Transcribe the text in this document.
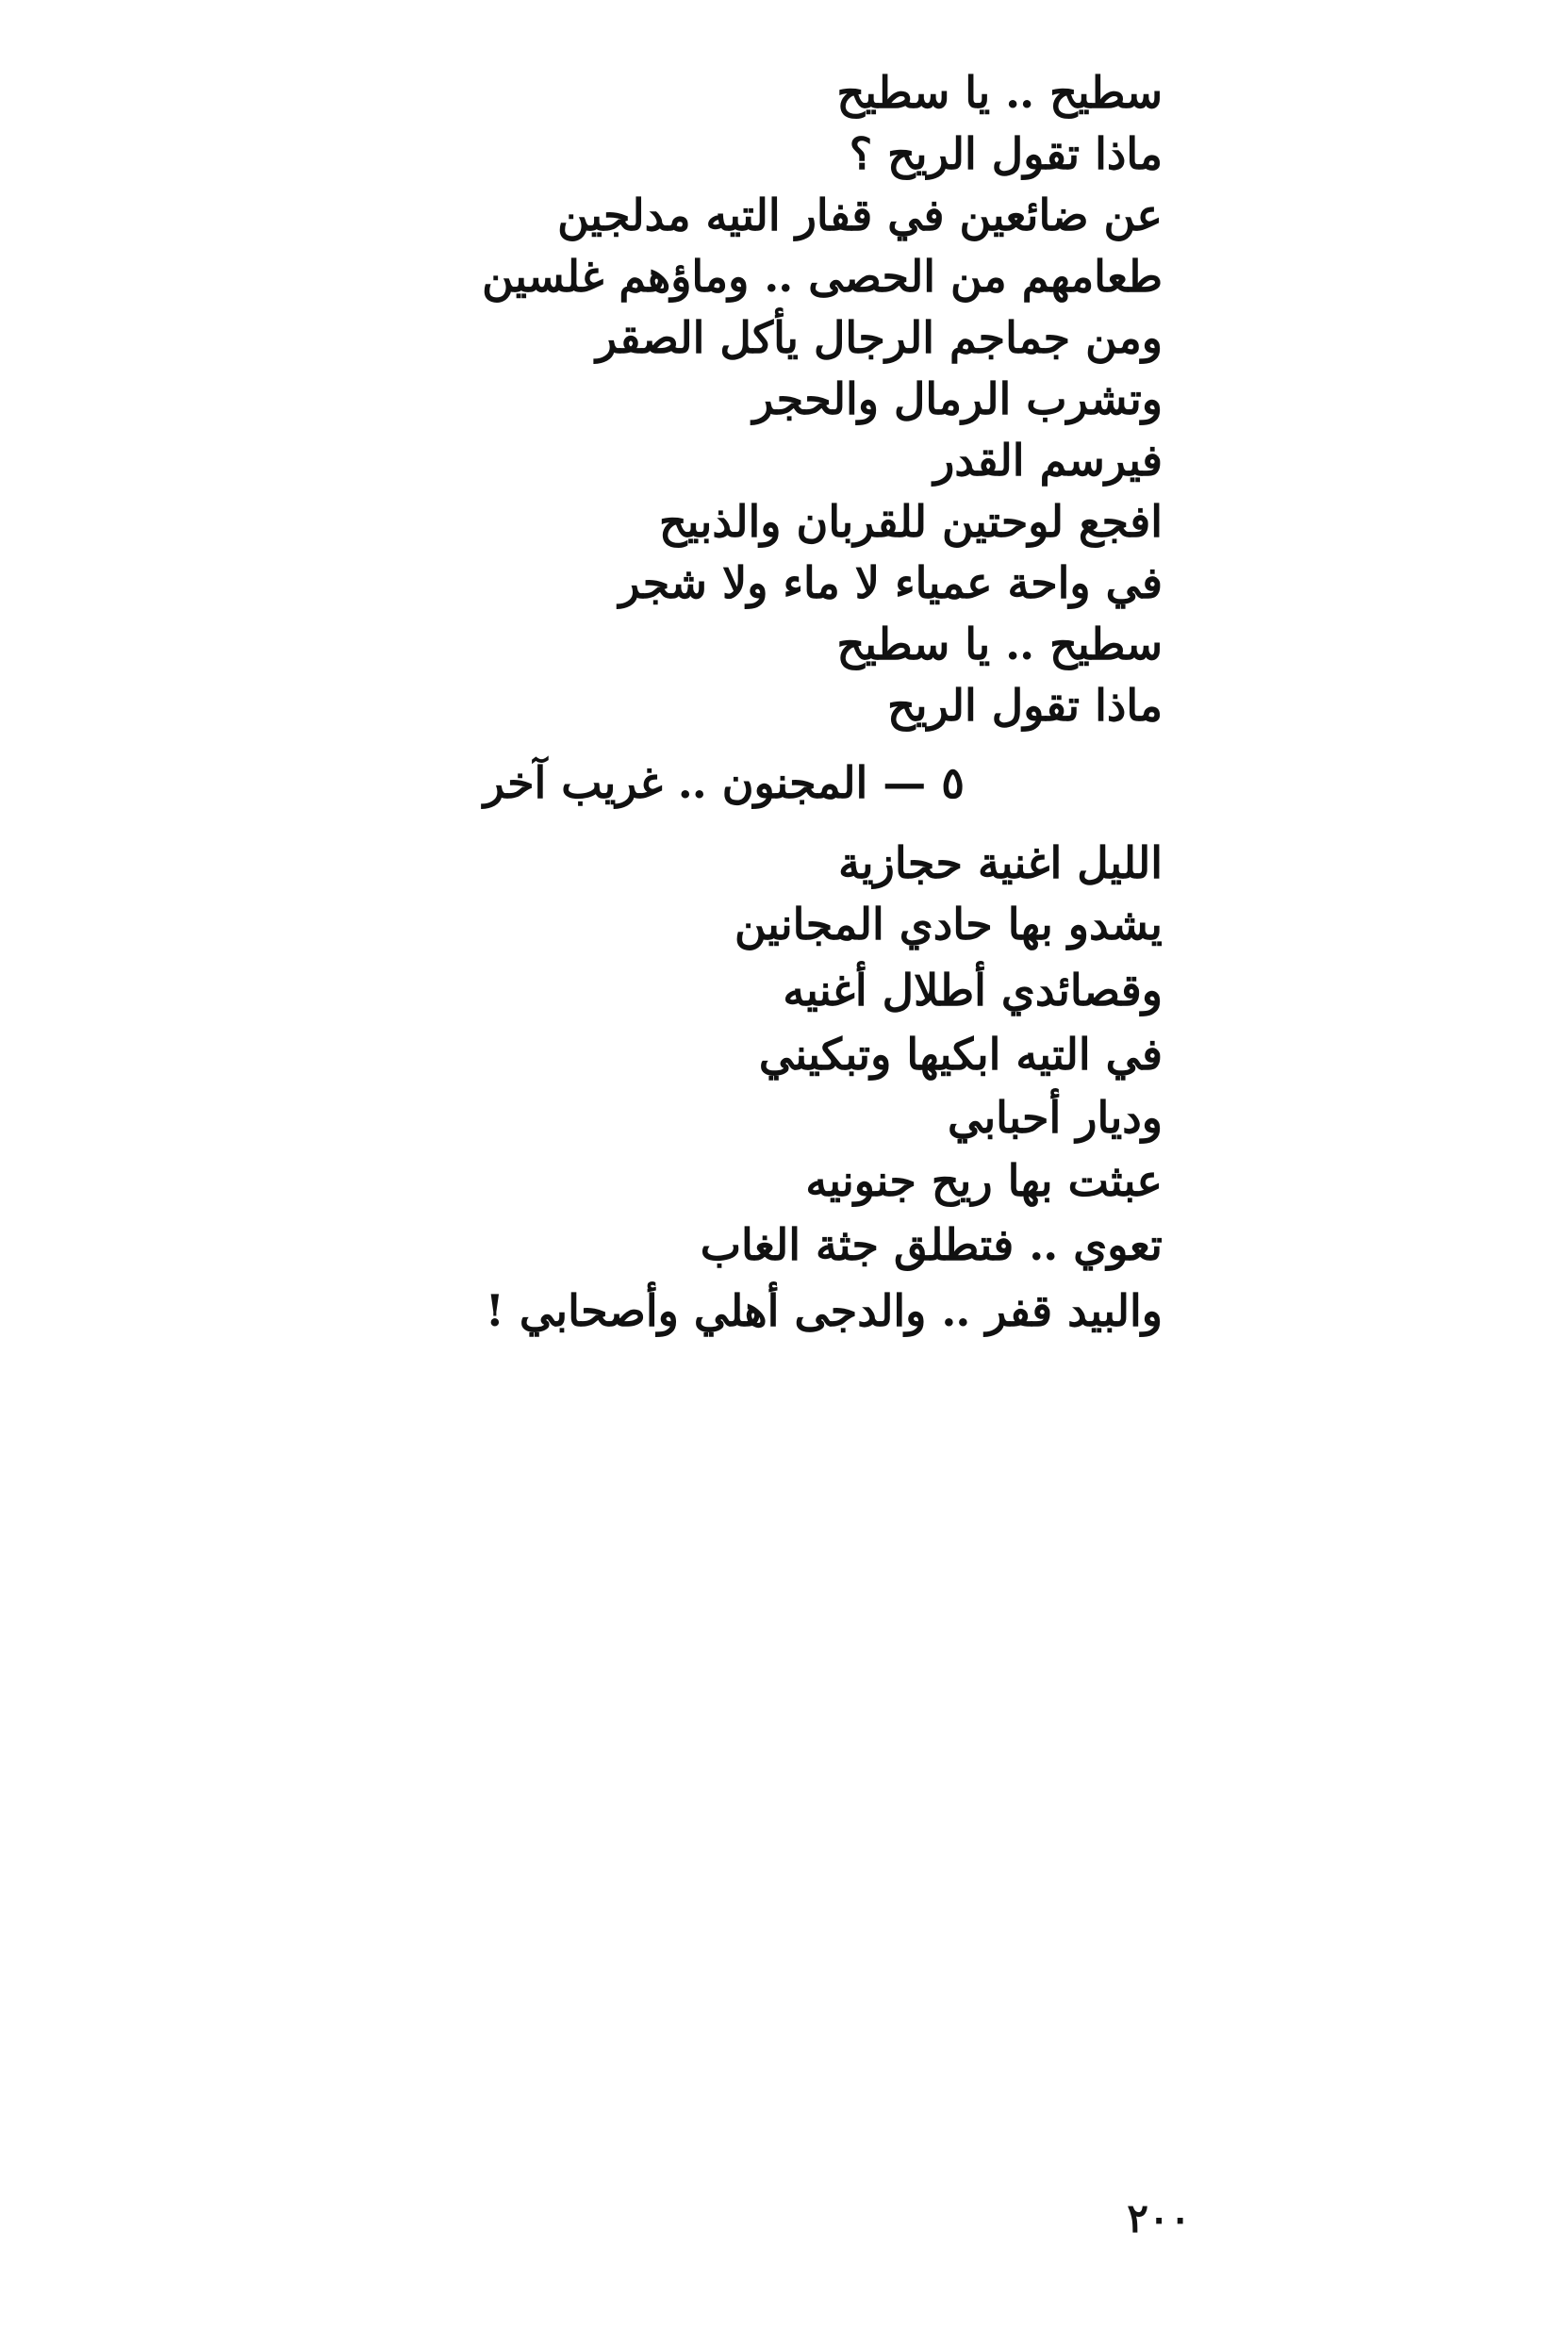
سطيح ‥ يا سطيح
ماذا تقول الريح ؟
عن ضائعين في قفار التيه مدلجين
طعامهم من الحصى ‥ وماؤهم غلسين
ومن جماجم الرجال يأكل الصقر
وتشرب الرمال والحجر
فيرسم القدر
افجع لوحتين للقربان والذبيح
في واحة عمياء لا ماء ولا شجر
سطيح ‥ يا سطيح
ماذا تقول الريح
٥ — المجنون ‥ غريب آخر
الليل اغنية حجازية
يشدو بها حادي المجانين
وقصائدي أطلال أغنيه
في التيه ابكيها وتبكيني
وديار أحبابي
عبثت بها ريح جنونيه
تعوي ‥ فتطلق جثة الغاب
والبيد قفر ‥ والدجى أهلي وأصحابي !
٢٠٠
